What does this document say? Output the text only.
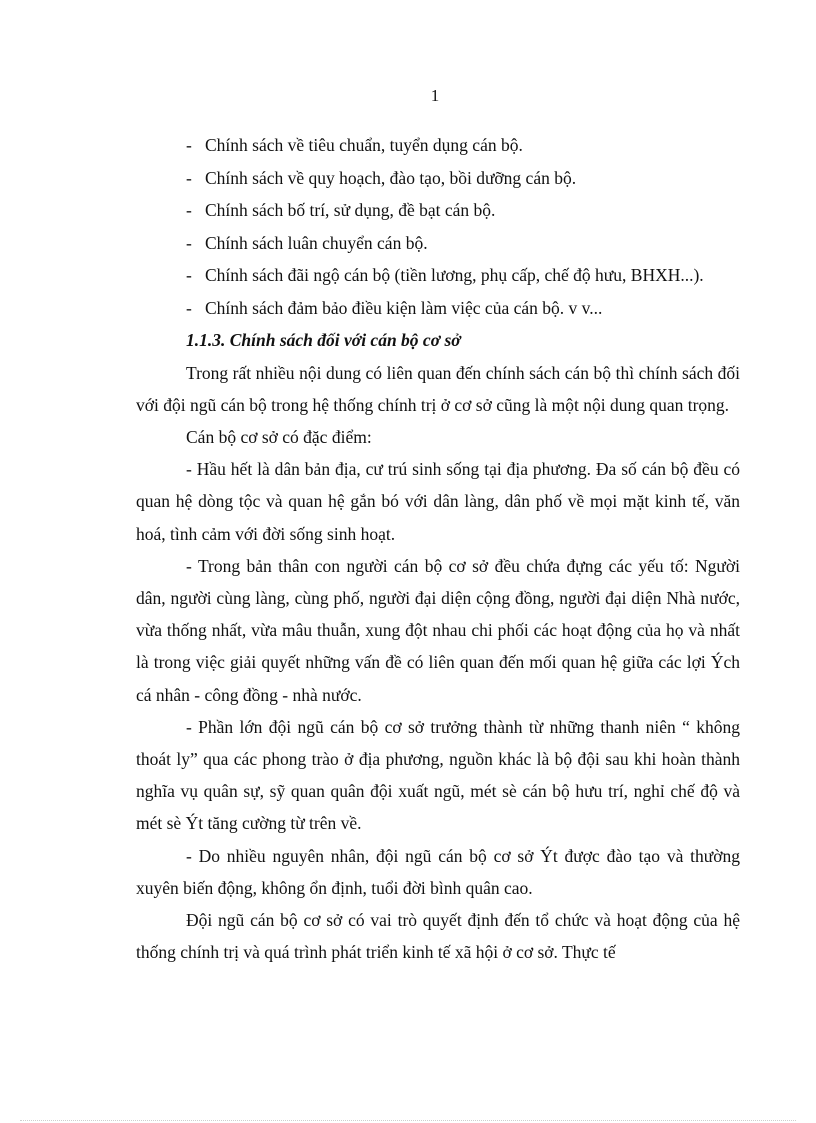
1
- Chính sách về tiêu chuẩn, tuyển dụng cán bộ.
- Chính sách về quy hoạch, đào tạo, bồi dưỡng cán bộ.
- Chính sách bố trí, sử dụng, đề bạt cán bộ.
- Chính sách luân chuyển cán bộ.
- Chính sách đãi ngộ cán bộ (tiền lương, phụ cấp, chế độ hưu, BHXH...).
- Chính sách đảm bảo điều kiện làm việc của cán bộ. v v...
1.1.3. Chính sách đối với cán bộ cơ sở

Trong rất nhiều nội dung có liên quan đến chính sách cán bộ thì chính sách đối với đội ngũ cán bộ trong hệ thống chính trị ở cơ sở cũng là một nội dung quan trọng.

Cán bộ cơ sở có đặc điểm:

- Hầu hết là dân bản địa, cư trú sinh sống tại địa phương. Đa số cán bộ đều có quan hệ dòng tộc và quan hệ gắn bó với dân làng, dân phố về mọi mặt kinh tế, văn hoá, tình cảm với đời sống sinh hoạt.

- Trong bản thân con người cán bộ cơ sở đều chứa đựng các yếu tố: Người dân, người cùng làng, cùng phố, người đại diện cộng đồng, người đại diện Nhà nước, vừa thống nhất, vừa mâu thuẫn, xung đột nhau chi phối các hoạt động của họ và nhất là trong việc giải quyết những vấn đề có liên quan đến mối quan hệ giữa các lợi Ých cá nhân - công đồng - nhà nước.

- Phần lớn đội ngũ cán bộ cơ sở trưởng thành từ những thanh niên “ không thoát ly” qua các phong trào ở địa phương, nguồn khác là bộ đội sau khi hoàn thành nghĩa vụ quân sự, sỹ quan quân đội xuất ngũ, mét sè cán bộ hưu trí, nghỉ chế độ và mét sè Ýt tăng cường từ trên về.

- Do nhiều nguyên nhân, đội ngũ cán bộ cơ sở Ýt được đào tạo và thường xuyên biến động, không ổn định, tuổi đời bình quân cao.

Đội ngũ cán bộ cơ sở có vai trò quyết định đến tổ chức và hoạt động của hệ thống chính trị và quá trình phát triển kinh tế xã hội ở cơ sở. Thực tế
